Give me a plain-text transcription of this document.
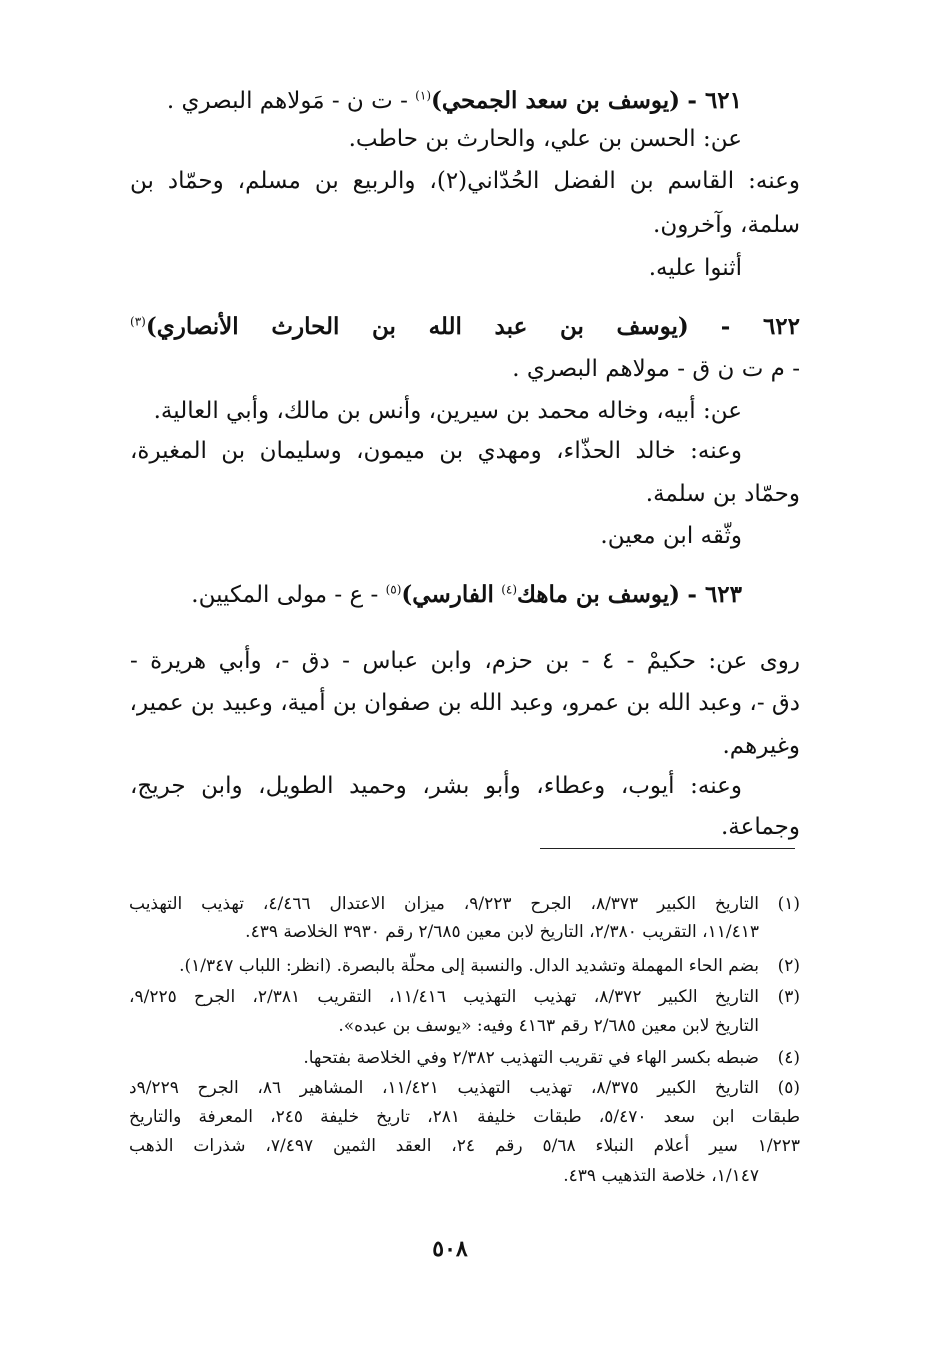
٦٢١ - (يوسف بن سعد الجمحي)$^{(١)}$ - ت ن - مَولاهم البصري .
عن: الحسن بن علي، والحارث بن حاطب.
وعنه: القاسم بن الفضل الحُدّاني(٢)، والربيع بن مسلم، وحمّاد بن
سلمة، وآخرون.
أثنوا عليه.
٦٢٢ - (يوسف بن عبد الله بن الحارث الأنصاري)$^{(٣)}$
- م ت ن ق - مولاهم البصري .
عن: أبيه، وخاله محمد بن سيرين، وأنس بن مالك، وأبي العالية.
وعنه: خالد الحذّاء، ومهدي بن ميمون، وسليمان بن المغيرة،
وحمّاد بن سلمة.
وثّقه ابن معين.
٦٢٣ - (يوسف بن ماهك$^{(٤)}$ الفارسي)$^{(٥)}$ - ع - مولى المكيين.
روى عن: حكيمْ - ٤ - بن حزم، وابن عباس - دق -، وأبي هريرة -
دق -، وعبد الله بن عمرو، وعبد الله بن صفوان بن أمية، وعبيد بن عمير،
وغيرهم.
وعنه: أيوب، وعطاء، وأبو بشر، وحميد الطويل، وابن جريج،
وجماعة.
(١)
التاريخ الكبير ٨/٣٧٣، الجرح ٩/٢٢٣، ميزان الاعتدال ٤/٤٦٦، تهذيب التهذيب
١١/٤١٣، التقريب ٢/٣٨٠، التاريخ لابن معين ٢/٦٨٥ رقم ٣٩٣٠ الخلاصة ٤٣٩.
(٢)
بضم الحاء المهملة وتشديد الدال. والنسبة إلى محلّة بالبصرة. (انظر: اللباب ١/٣٤٧).
(٣)
التاريخ الكبير ٨/٣٧٢، تهذيب التهذيب ١١/٤١٦، التقريب ٢/٣٨١، الجرح ٩/٢٢٥،
التاريخ لابن معين ٢/٦٨٥ رقم ٤١٦٣ وفيه: «يوسف بن عبده».
(٤)
ضبطه بكسر الهاء في تقريب التهذيب ٢/٣٨٢ وفي الخلاصة بفتحها.
(٥)
التاريخ الكبير ٨/٣٧٥، تهذيب التهذيب ١١/٤٢١، المشاهير ٨٦، الجرح ٩/٢٢٩د
طبقات ابن سعد ٥/٤٧٠، طبقات خليفة ٢٨١، تاريخ خليفة ٢٤٥، المعرفة والتاريخ
١/٢٢٣ سير أعلام النبلاء ٥/٦٨ رقم ٢٤، العقد الثمين ٧/٤٩٧، شذرات الذهب
١/١٤٧، خلاصة التذهيب ٤٣٩.
٥٠٨
